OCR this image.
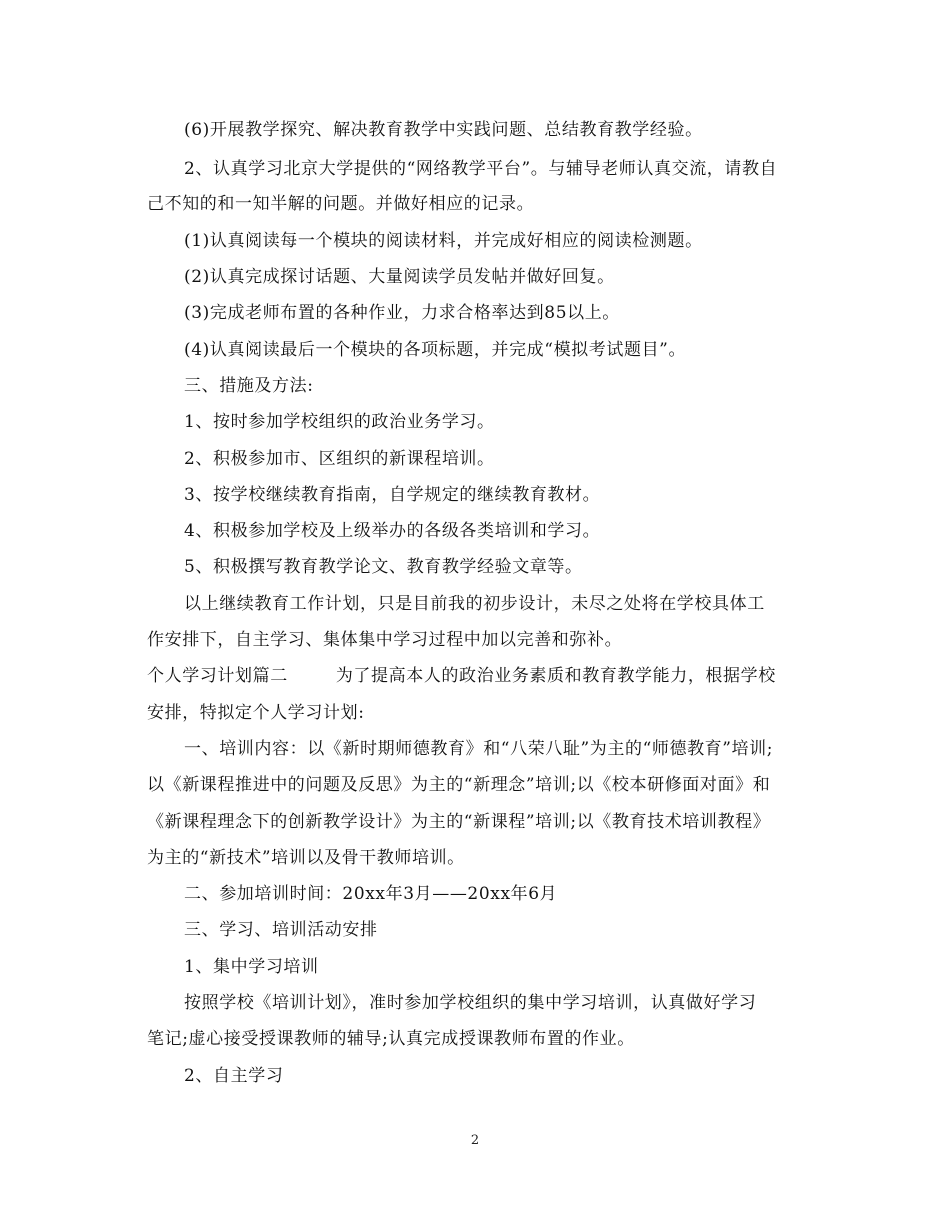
(6)开展教学探究、解决教育教学中实践问题、总结教育教学经验。
2、认真学习北京大学提供的“网络教学平台”。与辅导老师认真交流，请教自
己不知的和一知半解的问题。并做好相应的记录。
(1)认真阅读每一个模块的阅读材料，并完成好相应的阅读检测题。
(2)认真完成探讨话题、大量阅读学员发帖并做好回复。
(3)完成老师布置的各种作业，力求合格率达到85以上。
(4)认真阅读最后一个模块的各项标题，并完成“模拟考试题目”。
三、措施及方法:
1、按时参加学校组织的政治业务学习。
2、积极参加市、区组织的新课程培训。
3、按学校继续教育指南，自学规定的继续教育教材。
4、积极参加学校及上级举办的各级各类培训和学习。
5、积极撰写教育教学论文、教育教学经验文章等。
以上继续教育工作计划，只是目前我的初步设计，未尽之处将在学校具体工
作安排下，自主学习、集体集中学习过程中加以完善和弥补。
个人学习计划篇二        为了提高本人的政治业务素质和教育教学能力，根据学校
安排，特拟定个人学习计划:
一、培训内容：以《新时期师德教育》和“八荣八耻”为主的“师德教育”培训;
以《新课程推进中的问题及反思》为主的“新理念”培训;以《校本研修面对面》和
《新课程理念下的创新教学设计》为主的“新课程”培训;以《教育技术培训教程》
为主的“新技术”培训以及骨干教师培训。
二、参加培训时间：20xx年3月——20xx年6月
三、学习、培训活动安排
1、集中学习培训
按照学校《培训计划》，准时参加学校组织的集中学习培训，认真做好学习
笔记;虚心接受授课教师的辅导;认真完成授课教师布置的作业。
2、自主学习
2
